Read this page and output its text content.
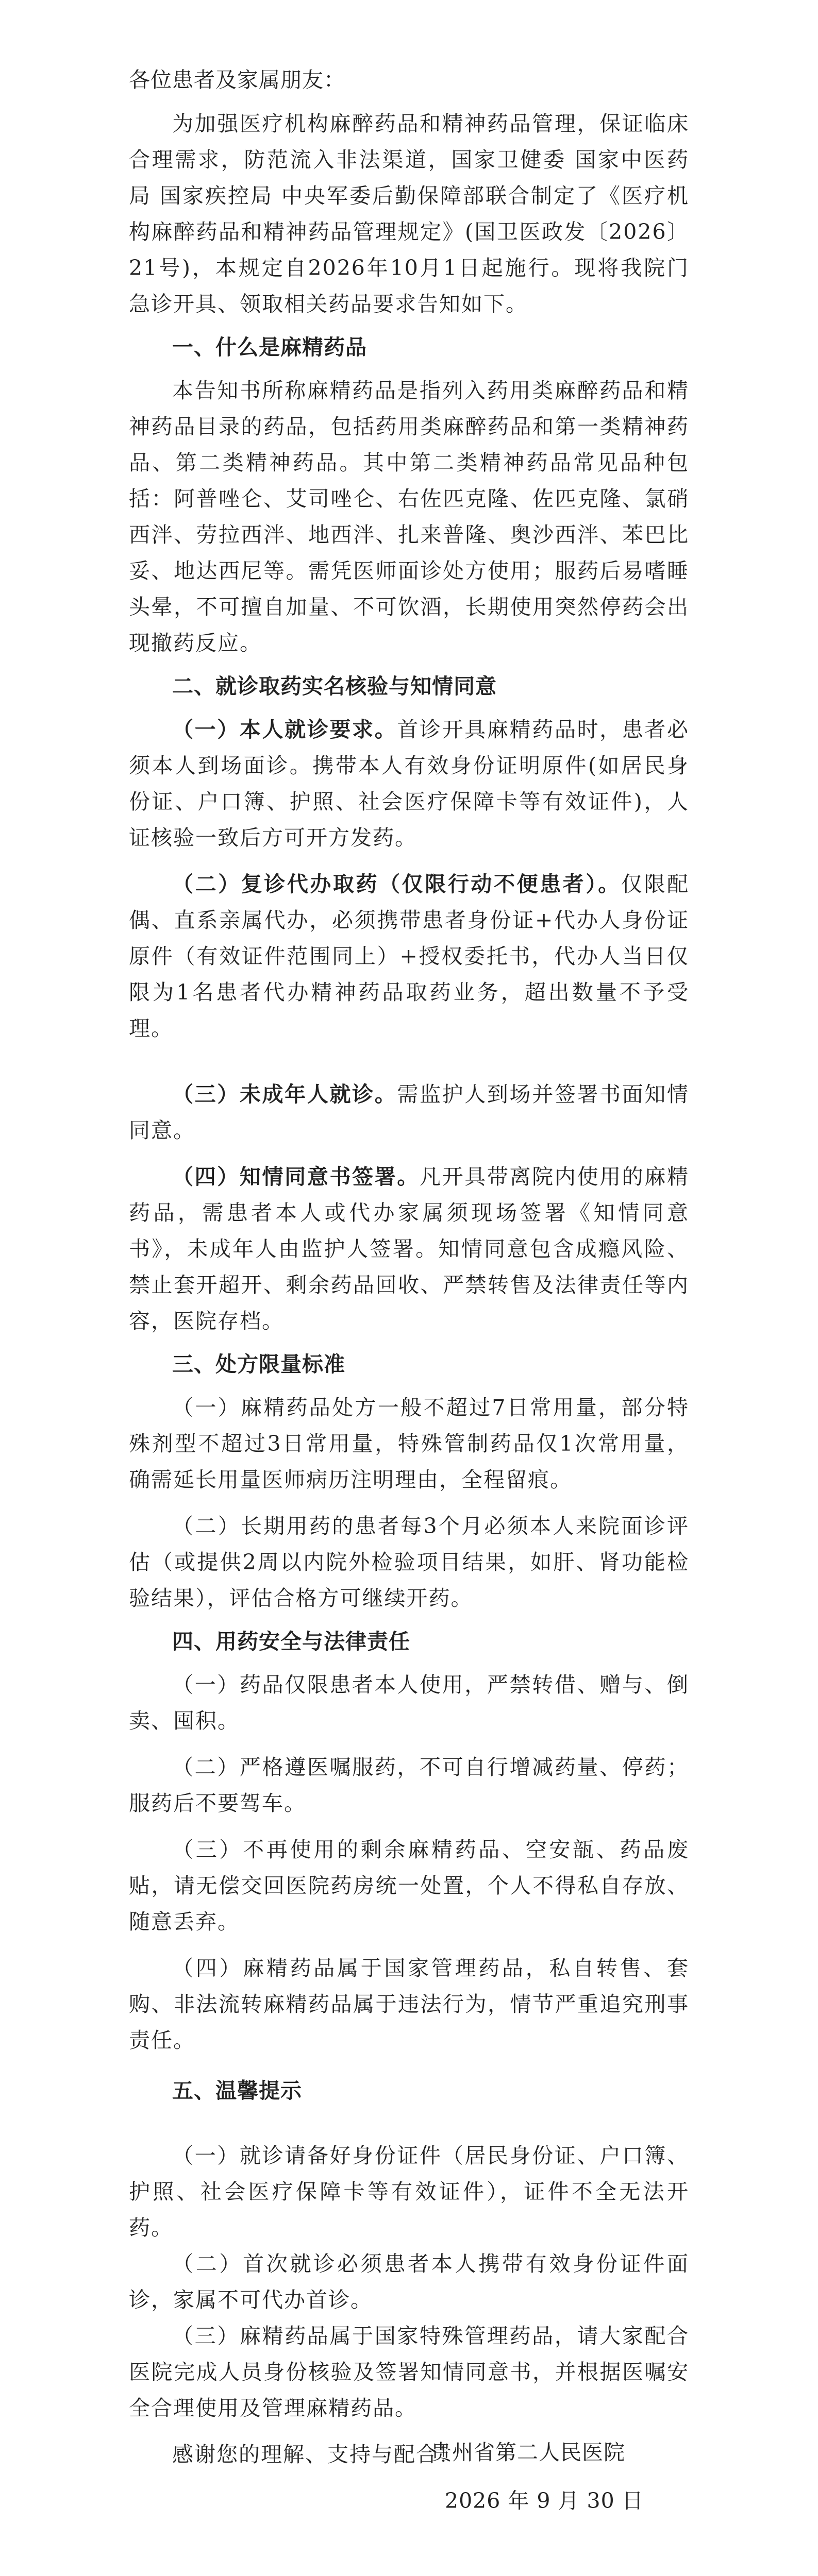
各位患者及家属朋友：

为加强医疗机构麻醉药品和精神药品管理，保证临床合理需求，防范流入非法渠道，国家卫健委 国家中医药局 国家疾控局 中央军委后勤保障部联合制定了《医疗机构麻醉药品和精神药品管理规定》(国卫医政发〔2026〕21号)，本规定自2026年10月1日起施行。现将我院门急诊开具、领取相关药品要求告知如下。

一、什么是麻精药品

本告知书所称麻精药品是指列入药用类麻醉药品和精神药品目录的药品，包括药用类麻醉药品和第一类精神药品、第二类精神药品。其中第二类精神药品常见品种包括：阿普唑仑、艾司唑仑、右佐匹克隆、佐匹克隆、氯硝西泮、劳拉西泮、地西泮、扎来普隆、奥沙西泮、苯巴比妥、地达西尼等。需凭医师面诊处方使用；服药后易嗜睡头晕，不可擅自加量、不可饮酒，长期使用突然停药会出现撤药反应。

二、就诊取药实名核验与知情同意

（一）本人就诊要求。首诊开具麻精药品时，患者必须本人到场面诊。携带本人有效身份证明原件(如居民身份证、户口簿、护照、社会医疗保障卡等有效证件)，人证核验一致后方可开方发药。

（二）复诊代办取药（仅限行动不便患者）。仅限配偶、直系亲属代办，必须携带患者身份证+代办人身份证原件（有效证件范围同上）+授权委托书，代办人当日仅限为1名患者代办精神药品取药业务，超出数量不予受理。

（三）未成年人就诊。需监护人到场并签署书面知情同意。

（四）知情同意书签署。凡开具带离院内使用的麻精药品，需患者本人或代办家属须现场签署《知情同意书》，未成年人由监护人签署。知情同意包含成瘾风险、禁止套开超开、剩余药品回收、严禁转售及法律责任等内容，医院存档。

三、处方限量标准

（一）麻精药品处方一般不超过7日常用量，部分特殊剂型不超过3日常用量，特殊管制药品仅1次常用量，确需延长用量医师病历注明理由，全程留痕。

（二）长期用药的患者每3个月必须本人来院面诊评估（或提供2周以内院外检验项目结果，如肝、肾功能检验结果），评估合格方可继续开药。

四、用药安全与法律责任

（一）药品仅限患者本人使用，严禁转借、赠与、倒卖、囤积。

（二）严格遵医嘱服药，不可自行增减药量、停药；服药后不要驾车。

（三）不再使用的剩余麻精药品、空安瓿、药品废贴，请无偿交回医院药房统一处置，个人不得私自存放、随意丢弃。

（四）麻精药品属于国家管理药品，私自转售、套购、非法流转麻精药品属于违法行为，情节严重追究刑事责任。

五、温馨提示

（一）就诊请备好身份证件（居民身份证、户口簿、护照、社会医疗保障卡等有效证件），证件不全无法开药。

（二）首次就诊必须患者本人携带有效身份证件面诊，家属不可代办首诊。

（三）麻精药品属于国家特殊管理药品，请大家配合医院完成人员身份核验及签署知情同意书，并根据医嘱安全合理使用及管理麻精药品。

感谢您的理解、支持与配合！

贵州省第二人民医院
2026 年 9 月 30 日
